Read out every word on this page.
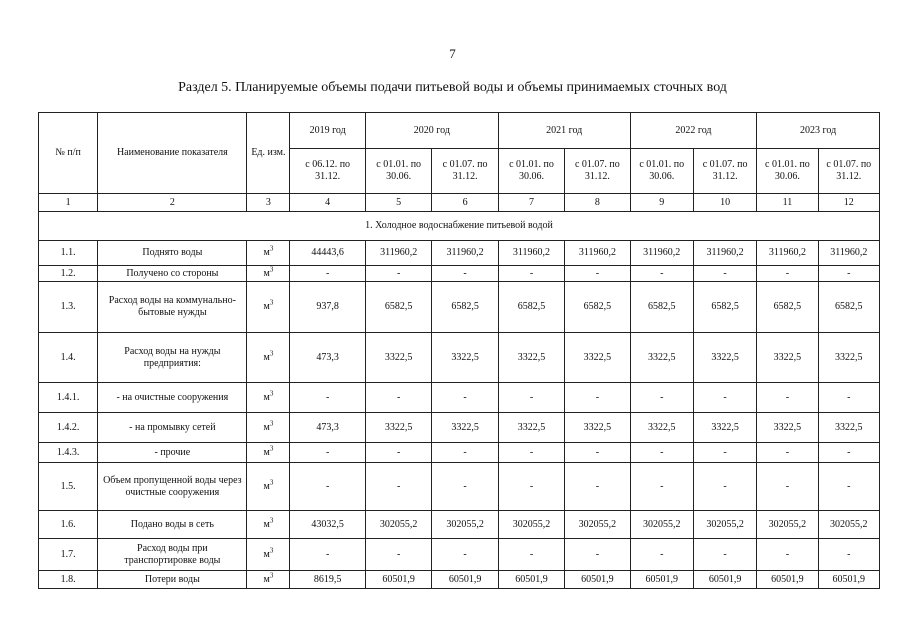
7
Раздел 5. Планируемые объемы подачи питьевой воды и объемы принимаемых сточных вод
№ п/п	Наименование показателя	Ед. изм.	2019 год	2020 год		2021 год		2022 год		2023 год	
			с 06.12. по 31.12.	с 01.01. по 30.06.	с 01.07. по 31.12.	с 01.01. по 30.06.	с 01.07. по 31.12.	с 01.01. по 30.06.	с 01.07. по 31.12.	с 01.01. по 30.06.	с 01.07. по 31.12.
1	2	3	4	5	6	7	8	9	10	11	12
1. Холодное водоснабжение питьевой водой											
1.1.	Поднято воды	$м^3$	44443,6	311960,2	311960,2	311960,2	311960,2	311960,2	311960,2	311960,2	311960,2
1.2.	Получено со стороны	$м^3$	-	-	-	-	-	-	-	-	-
1.3.	Расход воды на коммунально-бытовые нужды	$м^3$	937,8	6582,5	6582,5	6582,5	6582,5	6582,5	6582,5	6582,5	6582,5
1.4.	Расход воды на нужды предприятия:	$м^3$	473,3	3322,5	3322,5	3322,5	3322,5	3322,5	3322,5	3322,5	3322,5
1.4.1.	- на очистные сооружения	$м^3$	-	-	-	-	-	-	-	-	-
1.4.2.	- на промывку сетей	$м^3$	473,3	3322,5	3322,5	3322,5	3322,5	3322,5	3322,5	3322,5	3322,5
1.4.3.	- прочие	$м^3$	-	-	-	-	-	-	-	-	-
1.5.	Объем пропущенной воды через очистные сооружения	$м^3$	-	-	-	-	-	-	-	-	-
1.6.	Подано воды в сеть	$м^3$	43032,5	302055,2	302055,2	302055,2	302055,2	302055,2	302055,2	302055,2	302055,2
1.7.	Расход воды при транспортировке воды	$м^3$	-	-	-	-	-	-	-	-	-
1.8.	Потери воды	$м^3$	8619,5	60501,9	60501,9	60501,9	60501,9	60501,9	60501,9	60501,9	60501,9
